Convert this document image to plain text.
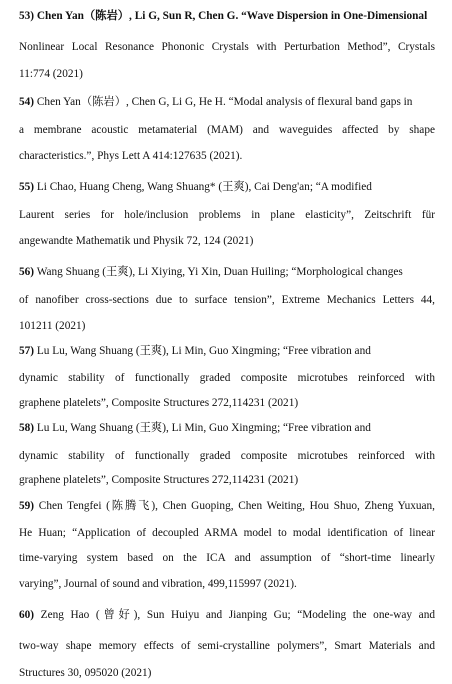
53) Chen Yan（陈岩）, Li G, Sun R, Chen G. “Wave Dispersion in One-Dimensional
Nonlinear Local Resonance Phononic Crystals with Perturbation Method”, Crystals
11:774 (2021)
54) Chen Yan（陈岩）, Chen G, Li G, He H. “Modal analysis of flexural band gaps in
a membrane acoustic metamaterial (MAM) and waveguides affected by shape
characteristics.”, Phys Lett A 414:127635 (2021).
55) Li Chao, Huang Cheng, Wang Shuang* (王爽), Cai Deng'an; “A modified
Laurent series for hole/inclusion problems in plane elasticity”, Zeitschrift für
angewandte Mathematik und Physik 72, 124 (2021)
56) Wang Shuang (王爽), Li Xiying, Yi Xin, Duan Huiling; “Morphological changes
of nanofiber cross-sections due to surface tension”, Extreme Mechanics Letters 44,
101211 (2021)
57) Lu Lu, Wang Shuang (王爽), Li Min, Guo Xingming; “Free vibration and
dynamic stability of functionally graded composite microtubes reinforced with
graphene platelets”, Composite Structures 272,114231 (2021)
58) Lu Lu, Wang Shuang (王爽), Li Min, Guo Xingming; “Free vibration and
dynamic stability of functionally graded composite microtubes reinforced with
graphene platelets”, Composite Structures 272,114231 (2021)
59) Chen Tengfei (陈腾飞), Chen Guoping, Chen Weiting, Hou Shuo, Zheng Yuxuan,
He Huan; “Application of decoupled ARMA model to modal identification of linear
time-varying system based on the ICA and assumption of “short-time linearly
varying”, Journal of sound and vibration, 499,115997 (2021).
60) Zeng Hao (曾好), Sun Huiyu and Jianping Gu; “Modeling the one-way and
two-way shape memory effects of semi-crystalline polymers”, Smart Materials and
Structures 30, 095020 (2021)
